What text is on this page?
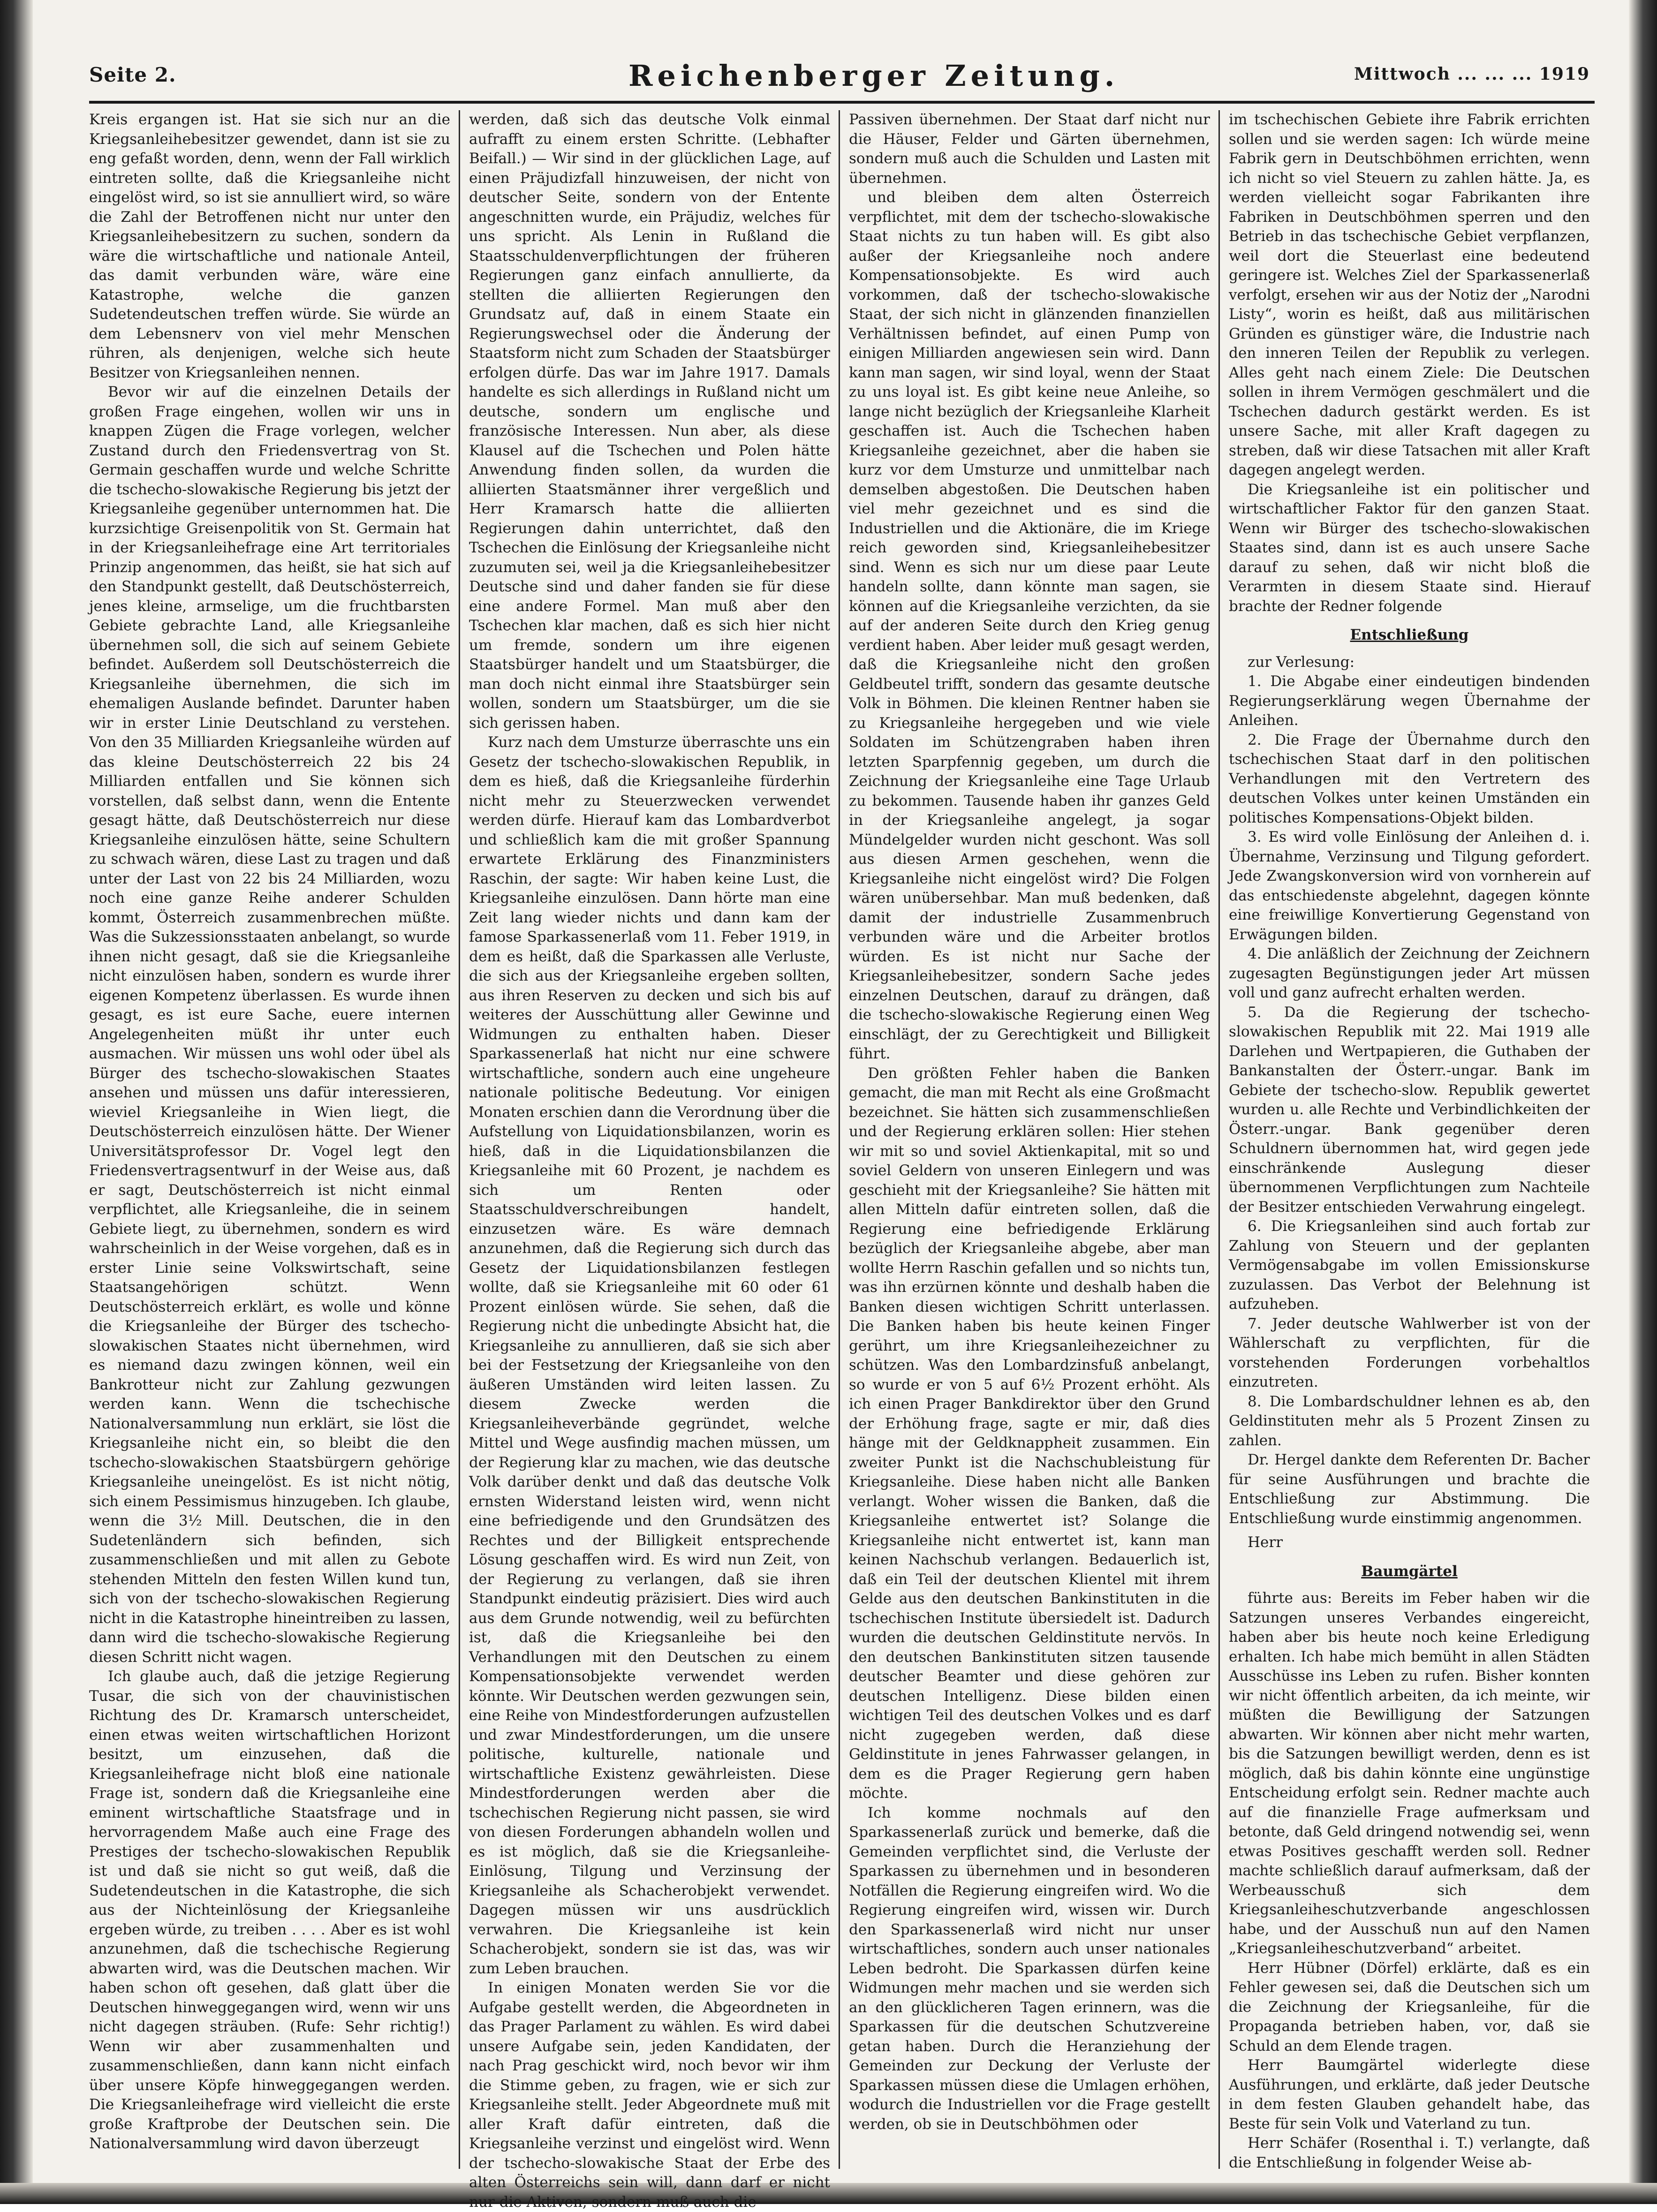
Seite 2.	Reichenberger Zeitung.	Mittwoch ... ... ... 1919

Kreis ergangen ist. Hat sie sich nur an die Kriegsanleihebesitzer gewendet, dann ist sie zu eng gefaßt worden, denn, wenn der Fall wirklich eintreten sollte, daß die Kriegsanleihe nicht eingelöst wird, so ist sie annulliert wird, so wäre die Zahl der Betroffenen nicht nur unter den Kriegsanleihebesitzern zu suchen, sondern da wäre die wirtschaftliche und nationale Anteil, das damit verbunden wäre, wäre eine Katastrophe, welche die ganzen Sudetendeutschen treffen würde. Sie würde an dem Lebensnerv von viel mehr Menschen rühren, als denjenigen, welche sich heute Besitzer von Kriegsanleihen nennen.

Bevor wir auf die einzelnen Details der großen Frage eingehen, wollen wir uns in knappen Zügen die Frage vorlegen, welcher Zustand durch den Friedensvertrag von St. Germain geschaffen wurde und welche Schritte die tschecho-slowakische Regierung bis jetzt der Kriegsanleihe gegenüber unternommen hat. Die kurzsichtige Greisenpolitik von St. Germain hat in der Kriegsanleihefrage eine Art territoriales Prinzip angenommen, das heißt, sie hat sich auf den Standpunkt gestellt, daß Deutschösterreich, jenes kleine, armselige, um die fruchtbarsten Gebiete gebrachte Land, alle Kriegsanleihe übernehmen soll, die sich auf seinem Gebiete befindet. Außerdem soll Deutschösterreich die Kriegsanleihe übernehmen, die sich im ehemaligen Auslande befindet. Darunter haben wir in erster Linie Deutschland zu verstehen. Von den 35 Milliarden Kriegsanleihe würden auf das kleine Deutschösterreich 22 bis 24 Milliarden entfallen und Sie können sich vorstellen, daß selbst dann, wenn die Entente gesagt hätte, daß Deutschösterreich nur diese Kriegsanleihe einzulösen hätte, seine Schultern zu schwach wären, diese Last zu tragen und daß unter der Last von 22 bis 24 Milliarden, wozu noch eine ganze Reihe anderer Schulden kommt, Österreich zusammenbrechen müßte. Was die Sukzessionsstaaten anbelangt, so wurde ihnen nicht gesagt, daß sie die Kriegsanleihe nicht einzulösen haben, sondern es wurde ihrer eigenen Kompetenz überlassen. Es wurde ihnen gesagt, es ist eure Sache, euere internen Angelegenheiten müßt ihr unter euch ausmachen. Wir müssen uns wohl oder übel als Bürger des tschecho-slowakischen Staates ansehen und müssen uns dafür interessieren, wieviel Kriegsanleihe in Wien liegt, die Deutschösterreich einzulösen hätte. Der Wiener Universitätsprofessor Dr. Vogel legt den Friedensvertragsentwurf in der Weise aus, daß er sagt, Deutschösterreich ist nicht einmal verpflichtet, alle Kriegsanleihe, die in seinem Gebiete liegt, zu übernehmen, sondern es wird wahrscheinlich in der Weise vorgehen, daß es in erster Linie seine Volkswirtschaft, seine Staatsangehörigen schützt. Wenn Deutschösterreich erklärt, es wolle und könne die Kriegsanleihe der Bürger des tschecho-slowakischen Staates nicht übernehmen, wird es niemand dazu zwingen können, weil ein Bankrotteur nicht zur Zahlung gezwungen werden kann. Wenn die tschechische Nationalversammlung nun erklärt, sie löst die Kriegsanleihe nicht ein, so bleibt die den tschecho-slowakischen Staatsbürgern gehörige Kriegsanleihe uneingelöst. Es ist nicht nötig, sich einem Pessimismus hinzugeben. Ich glaube, wenn die 3½ Mill. Deutschen, die in den Sudetenländern sich befinden, sich zusammenschließen und mit allen zu Gebote stehenden Mitteln den festen Willen kund tun, sich von der tschecho-slowakischen Regierung nicht in die Katastrophe hineintreiben zu lassen, dann wird die tschecho-slowakische Regierung diesen Schritt nicht wagen.

Ich glaube auch, daß die jetzige Regierung Tusar, die sich von der chauvinistischen Richtung des Dr. Kramarsch unterscheidet, einen etwas weiten wirtschaftlichen Horizont besitzt, um einzusehen, daß die Kriegsanleihefrage nicht bloß eine nationale Frage ist, sondern daß die Kriegsanleihe eine eminent wirtschaftliche Staatsfrage und in hervorragendem Maße auch eine Frage des Prestiges der tschecho-slowakischen Republik ist und daß sie nicht so gut weiß, daß die Sudetendeutschen in die Katastrophe, die sich aus der Nichteinlösung der Kriegsanleihe ergeben würde, zu treiben . . . . Aber es ist wohl anzunehmen, daß die tschechische Regierung abwarten wird, was die Deutschen machen. Wir haben schon oft gesehen, daß glatt über die Deutschen hinweggegangen wird, wenn wir uns nicht dagegen sträuben. (Rufe: Sehr richtig!) Wenn wir aber zusammenhalten und zusammenschließen, dann kann nicht einfach über unsere Köpfe hinweggegangen werden. Die Kriegsanleihefrage wird vielleicht die erste große Kraftprobe der Deutschen sein. Die Nationalversammlung wird davon überzeugt

werden, daß sich das deutsche Volk einmal aufrafft zu einem ersten Schritte. (Lebhafter Beifall.) — Wir sind in der glücklichen Lage, auf einen Präjudizfall hinzuweisen, der nicht von deutscher Seite, sondern von der Entente angeschnitten wurde, ein Präjudiz, welches für uns spricht. Als Lenin in Rußland die Staatsschuldenverpflichtungen der früheren Regierungen ganz einfach annullierte, da stellten die alliierten Regierungen den Grundsatz auf, daß in einem Staate ein Regierungswechsel oder die Änderung der Staatsform nicht zum Schaden der Staatsbürger erfolgen dürfe. Das war im Jahre 1917. Damals handelte es sich allerdings in Rußland nicht um deutsche, sondern um englische und französische Interessen. Nun aber, als diese Klausel auf die Tschechen und Polen hätte Anwendung finden sollen, da wurden die alliierten Staatsmänner ihrer vergeßlich und Herr Kramarsch hatte die alliierten Regierungen dahin unterrichtet, daß den Tschechen die Einlösung der Kriegsanleihe nicht zuzumuten sei, weil ja die Kriegsanleihebesitzer Deutsche sind und daher fanden sie für diese eine andere Formel. Man muß aber den Tschechen klar machen, daß es sich hier nicht um fremde, sondern um ihre eigenen Staatsbürger handelt und um Staatsbürger, die man doch nicht einmal ihre Staatsbürger sein wollen, sondern um Staatsbürger, um die sie sich gerissen haben.

Kurz nach dem Umsturze überraschte uns ein Gesetz der tschecho-slowakischen Republik, in dem es hieß, daß die Kriegsanleihe fürderhin nicht mehr zu Steuerzwecken verwendet werden dürfe. Hierauf kam das Lombardverbot und schließlich kam die mit großer Spannung erwartete Erklärung des Finanzministers Raschin, der sagte: Wir haben keine Lust, die Kriegsanleihe einzulösen. Dann hörte man eine Zeit lang wieder nichts und dann kam der famose Sparkassenerlaß vom 11. Feber 1919, in dem es heißt, daß die Sparkassen alle Verluste, die sich aus der Kriegsanleihe ergeben sollten, aus ihren Reserven zu decken und sich bis auf weiteres der Ausschüttung aller Gewinne und Widmungen zu enthalten haben. Dieser Sparkassenerlaß hat nicht nur eine schwere wirtschaftliche, sondern auch eine ungeheure nationale politische Bedeutung. Vor einigen Monaten erschien dann die Verordnung über die Aufstellung von Liquidationsbilanzen, worin es hieß, daß in die Liquidationsbilanzen die Kriegsanleihe mit 60 Prozent, je nachdem es sich um Renten oder Staatsschuldverschreibungen handelt, einzusetzen wäre. Es wäre demnach anzunehmen, daß die Regierung sich durch das Gesetz der Liquidationsbilanzen festlegen wollte, daß sie Kriegsanleihe mit 60 oder 61 Prozent einlösen würde. Sie sehen, daß die Regierung nicht die unbedingte Absicht hat, die Kriegsanleihe zu annullieren, daß sie sich aber bei der Festsetzung der Kriegsanleihe von den äußeren Umständen wird leiten lassen. Zu diesem Zwecke werden die Kriegsanleiheverbände gegründet, welche Mittel und Wege ausfindig machen müssen, um der Regierung klar zu machen, wie das deutsche Volk darüber denkt und daß das deutsche Volk ernsten Widerstand leisten wird, wenn nicht eine befriedigende und den Grundsätzen des Rechtes und der Billigkeit entsprechende Lösung geschaffen wird. Es wird nun Zeit, von der Regierung zu verlangen, daß sie ihren Standpunkt eindeutig präzisiert. Dies wird auch aus dem Grunde notwendig, weil zu befürchten ist, daß die Kriegsanleihe bei den Verhandlungen mit den Deutschen zu einem Kompensationsobjekte verwendet werden könnte. Wir Deutschen werden gezwungen sein, eine Reihe von Mindestforderungen aufzustellen und zwar Mindestforderungen, um die unsere politische, kulturelle, nationale und wirtschaftliche Existenz gewährleisten. Diese Mindestforderungen werden aber die tschechischen Regierung nicht passen, sie wird von diesen Forderungen abhandeln wollen und es ist möglich, daß sie die Kriegsanleihe-Einlösung, Tilgung und Verzinsung der Kriegsanleihe als Schacherobjekt verwendet. Dagegen müssen wir uns ausdrücklich verwahren. Die Kriegsanleihe ist kein Schacherobjekt, sondern sie ist das, was wir zum Leben brauchen.

In einigen Monaten werden Sie vor die Aufgabe gestellt werden, die Abgeordneten in das Prager Parlament zu wählen. Es wird dabei unsere Aufgabe sein, jeden Kandidaten, der nach Prag geschickt wird, noch bevor wir ihm die Stimme geben, zu fragen, wie er sich zur Kriegsanleihe stellt. Jeder Abgeordnete muß mit aller Kraft dafür eintreten, daß die Kriegsanleihe verzinst und eingelöst wird. Wenn der tschecho-slowakische Staat der Erbe des alten Österreichs sein will, dann darf er nicht nur die Aktiven, sondern muß auch die

Passiven übernehmen. Der Staat darf nicht nur die Häuser, Felder und Gärten übernehmen, sondern muß auch die Schulden und Lasten mit übernehmen.

und bleiben dem alten Österreich verpflichtet, mit dem der tschecho-slowakische Staat nichts zu tun haben will. Es gibt also außer der Kriegsanleihe noch andere Kompensationsobjekte. Es wird auch vorkommen, daß der tschecho-slowakische Staat, der sich nicht in glänzenden finanziellen Verhältnissen befindet, auf einen Pump von einigen Milliarden angewiesen sein wird. Dann kann man sagen, wir sind loyal, wenn der Staat zu uns loyal ist. Es gibt keine neue Anleihe, so lange nicht bezüglich der Kriegsanleihe Klarheit geschaffen ist. Auch die Tschechen haben Kriegsanleihe gezeichnet, aber die haben sie kurz vor dem Umsturze und unmittelbar nach demselben abgestoßen. Die Deutschen haben viel mehr gezeichnet und es sind die Industriellen und die Aktionäre, die im Kriege reich geworden sind, Kriegsanleihebesitzer sind. Wenn es sich nur um diese paar Leute handeln sollte, dann könnte man sagen, sie können auf die Kriegsanleihe verzichten, da sie auf der anderen Seite durch den Krieg genug verdient haben. Aber leider muß gesagt werden, daß die Kriegsanleihe nicht den großen Geldbeutel trifft, sondern das gesamte deutsche Volk in Böhmen. Die kleinen Rentner haben sie zu Kriegsanleihe hergegeben und wie viele Soldaten im Schützengraben haben ihren letzten Sparpfennig gegeben, um durch die Zeichnung der Kriegsanleihe eine Tage Urlaub zu bekommen. Tausende haben ihr ganzes Geld in der Kriegsanleihe angelegt, ja sogar Mündelgelder wurden nicht geschont. Was soll aus diesen Armen geschehen, wenn die Kriegsanleihe nicht eingelöst wird? Die Folgen wären unübersehbar. Man muß bedenken, daß damit der industrielle Zusammenbruch verbunden wäre und die Arbeiter brotlos würden. Es ist nicht nur Sache der Kriegsanleihebesitzer, sondern Sache jedes einzelnen Deutschen, darauf zu drängen, daß die tschecho-slowakische Regierung einen Weg einschlägt, der zu Gerechtigkeit und Billigkeit führt.

Den größten Fehler haben die Banken gemacht, die man mit Recht als eine Großmacht bezeichnet. Sie hätten sich zusammenschließen und der Regierung erklären sollen: Hier stehen wir mit so und soviel Aktienkapital, mit so und soviel Geldern von unseren Einlegern und was geschieht mit der Kriegsanleihe? Sie hätten mit allen Mitteln dafür eintreten sollen, daß die Regierung eine befriedigende Erklärung bezüglich der Kriegsanleihe abgebe, aber man wollte Herrn Raschin gefallen und so nichts tun, was ihn erzürnen könnte und deshalb haben die Banken diesen wichtigen Schritt unterlassen. Die Banken haben bis heute keinen Finger gerührt, um ihre Kriegsanleihezeichner zu schützen. Was den Lombardzinsfuß anbelangt, so wurde er von 5 auf 6½ Prozent erhöht. Als ich einen Prager Bankdirektor über den Grund der Erhöhung frage, sagte er mir, daß dies hänge mit der Geldknappheit zusammen. Ein zweiter Punkt ist die Nachschubleistung für Kriegsanleihe. Diese haben nicht alle Banken verlangt. Woher wissen die Banken, daß die Kriegsanleihe entwertet ist? Solange die Kriegsanleihe nicht entwertet ist, kann man keinen Nachschub verlangen. Bedauerlich ist, daß ein Teil der deutschen Klientel mit ihrem Gelde aus den deutschen Bankinstituten in die tschechischen Institute übersiedelt ist. Dadurch wurden die deutschen Geldinstitute nervös. In den deutschen Bankinstituten sitzen tausende deutscher Beamter und diese gehören zur deutschen Intelligenz. Diese bilden einen wichtigen Teil des deutschen Volkes und es darf nicht zugegeben werden, daß diese Geldinstitute in jenes Fahrwasser gelangen, in dem es die Prager Regierung gern haben möchte.

Ich komme nochmals auf den Sparkassenerlaß zurück und bemerke, daß die Gemeinden verpflichtet sind, die Verluste der Sparkassen zu übernehmen und in besonderen Notfällen die Regierung eingreifen wird. Wo die Regierung eingreifen wird, wissen wir. Durch den Sparkassenerlaß wird nicht nur unser wirtschaftliches, sondern auch unser nationales Leben bedroht. Die Sparkassen dürfen keine Widmungen mehr machen und sie werden sich an den glücklicheren Tagen erinnern, was die Sparkassen für die deutschen Schutzvereine getan haben. Durch die Heranziehung der Gemeinden zur Deckung der Verluste der Sparkassen müssen diese die Umlagen erhöhen, wodurch die Industriellen vor die Frage gestellt werden, ob sie in Deutschböhmen oder

im tschechischen Gebiete ihre Fabrik errichten sollen und sie werden sagen: Ich würde meine Fabrik gern in Deutschböhmen errichten, wenn ich nicht so viel Steuern zu zahlen hätte. Ja, es werden vielleicht sogar Fabrikanten ihre Fabriken in Deutschböhmen sperren und den Betrieb in das tschechische Gebiet verpflanzen, weil dort die Steuerlast eine bedeutend geringere ist. Welches Ziel der Sparkassenerlaß verfolgt, ersehen wir aus der Notiz der „Narodni Listy“, worin es heißt, daß aus militärischen Gründen es günstiger wäre, die Industrie nach den inneren Teilen der Republik zu verlegen. Alles geht nach einem Ziele: Die Deutschen sollen in ihrem Vermögen geschmälert und die Tschechen dadurch gestärkt werden. Es ist unsere Sache, mit aller Kraft dagegen zu streben, daß wir diese Tatsachen mit aller Kraft dagegen angelegt werden.

Die Kriegsanleihe ist ein politischer und wirtschaftlicher Faktor für den ganzen Staat. Wenn wir Bürger des tschecho-slowakischen Staates sind, dann ist es auch unsere Sache darauf zu sehen, daß wir nicht bloß die Verarmten in diesem Staate sind. Hierauf brachte der Redner folgende

Entschließung

zur Verlesung:

1. Die Abgabe einer eindeutigen bindenden Regierungserklärung wegen Übernahme der Anleihen.

2. Die Frage der Übernahme durch den tschechischen Staat darf in den politischen Verhandlungen mit den Vertretern des deutschen Volkes unter keinen Umständen ein politisches Kompensations-Objekt bilden.

3. Es wird volle Einlösung der Anleihen d. i. Übernahme, Verzinsung und Tilgung gefordert. Jede Zwangskonversion wird von vornherein auf das entschiedenste abgelehnt, dagegen könnte eine freiwillige Konvertierung Gegenstand von Erwägungen bilden.

4. Die anläßlich der Zeichnung der Zeichnern zugesagten Begünstigungen jeder Art müssen voll und ganz aufrecht erhalten werden.

5. Da die Regierung der tschecho-slowakischen Republik mit 22. Mai 1919 alle Darlehen und Wertpapieren, die Guthaben der Bankanstalten der Österr.-ungar. Bank im Gebiete der tschecho-slow. Republik gewertet wurden u. alle Rechte und Verbindlichkeiten der Österr.-ungar. Bank gegenüber deren Schuldnern übernommen hat, wird gegen jede einschränkende Auslegung dieser übernommenen Verpflichtungen zum Nachteile der Besitzer entschieden Verwahrung eingelegt.

6. Die Kriegsanleihen sind auch fortab zur Zahlung von Steuern und der geplanten Vermögensabgabe im vollen Emissionskurse zuzulassen. Das Verbot der Belehnung ist aufzuheben.

7. Jeder deutsche Wahlwerber ist von der Wählerschaft zu verpflichten, für die vorstehenden Forderungen vorbehaltlos einzutreten.

8. Die Lombardschuldner lehnen es ab, den Geldinstituten mehr als 5 Prozent Zinsen zu zahlen.

Dr. Hergel dankte dem Referenten Dr. Bacher für seine Ausführungen und brachte die Entschließung zur Abstimmung. Die Entschließung wurde einstimmig angenommen.

Herr

Baumgärtel

führte aus: Bereits im Feber haben wir die Satzungen unseres Verbandes eingereicht, haben aber bis heute noch keine Erledigung erhalten. Ich habe mich bemüht in allen Städten Ausschüsse ins Leben zu rufen. Bisher konnten wir nicht öffentlich arbeiten, da ich meinte, wir müßten die Bewilligung der Satzungen abwarten. Wir können aber nicht mehr warten, bis die Satzungen bewilligt werden, denn es ist möglich, daß bis dahin könnte eine ungünstige Entscheidung erfolgt sein. Redner machte auch auf die finanzielle Frage aufmerksam und betonte, daß Geld dringend notwendig sei, wenn etwas Positives geschafft werden soll. Redner machte schließlich darauf aufmerksam, daß der Werbeausschuß sich dem Kriegsanleiheschutzverbande angeschlossen habe, und der Ausschuß nun auf den Namen „Kriegsanleiheschutzverband“ arbeitet.

Herr Hübner (Dörfel) erklärte, daß es ein Fehler gewesen sei, daß die Deutschen sich um die Zeichnung der Kriegsanleihe, für die Propaganda betrieben haben, vor, daß sie Schuld an dem Elende tragen.

Herr Baumgärtel widerlegte diese Ausführungen, und erklärte, daß jeder Deutsche in dem festen Glauben gehandelt habe, das Beste für sein Volk und Vaterland zu tun.

Herr Schäfer (Rosenthal i. T.) verlangte, daß die Entschließung in folgender Weise ab-
